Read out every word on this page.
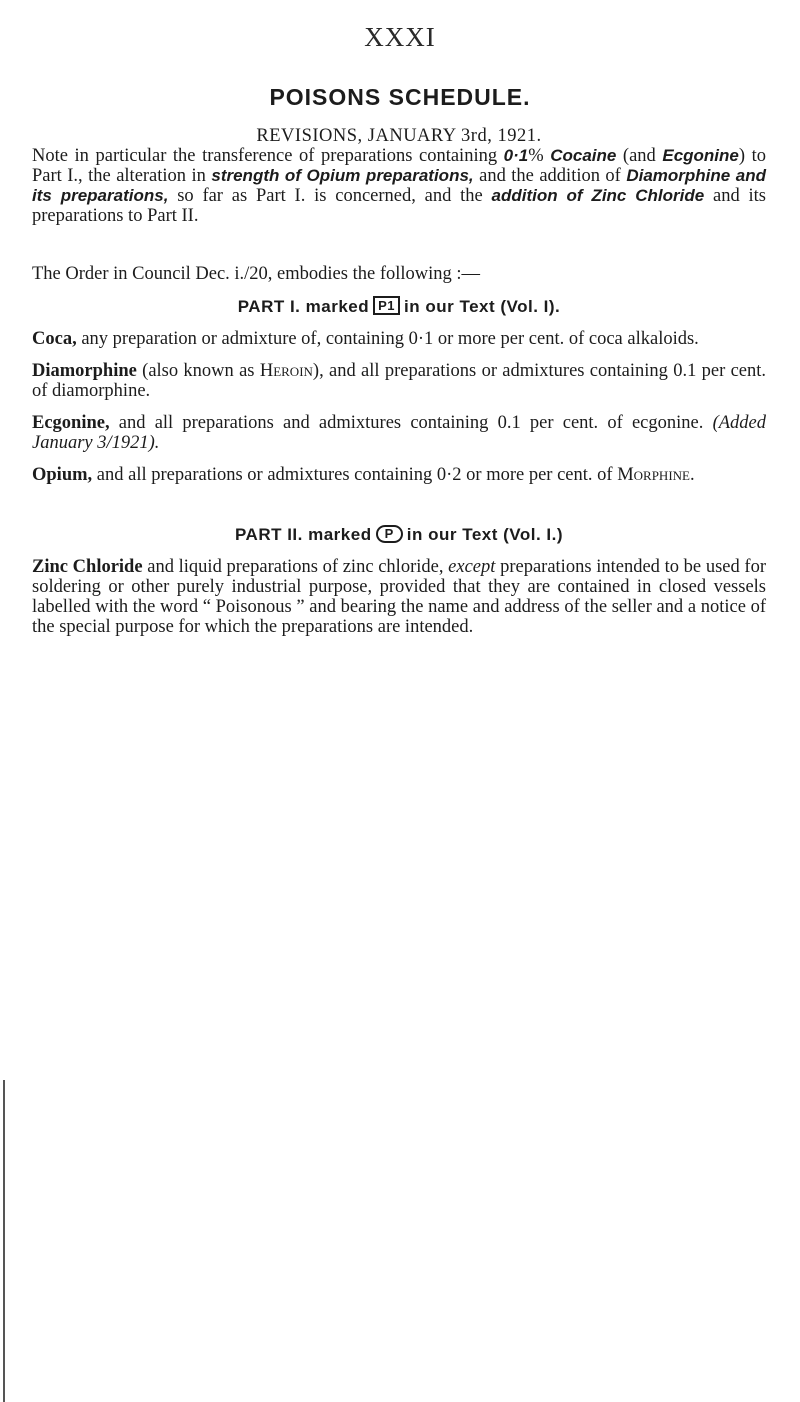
XXXI
POISONS SCHEDULE.
REVISIONS, JANUARY 3rd, 1921.

Note in particular the transference of preparations containing 0·1% Cocaine (and Ecgonine) to Part I., the alteration in strength of Opium preparations, and the addition of Diamorphine and its preparations, so far as Part I. is concerned, and the addition of Zinc Chloride and its preparations to Part II.

The Order in Council Dec. i./20, embodies the following :—
PART I. marked P1 in our Text (Vol. I).
Coca, any preparation or admixture of, containing 0·1 or more per cent. of coca alkaloids.
Diamorphine (also known as Heroin), and all preparations or admixtures containing 0.1 per cent. of diamorphine.
Ecgonine, and all preparations and admixtures containing 0.1 per cent. of ecgonine. (Added January 3/1921).
Opium, and all preparations or admixtures containing 0·2 or more per cent. of Morphine.
PART II. marked P in our Text (Vol. I.)
Zinc Chloride and liquid preparations of zinc chloride, except preparations intended to be used for soldering or other purely industrial purpose, provided that they are contained in closed vessels labelled with the word “ Poisonous ” and bearing the name and address of the seller and a notice of the special purpose for which the preparations are intended.
